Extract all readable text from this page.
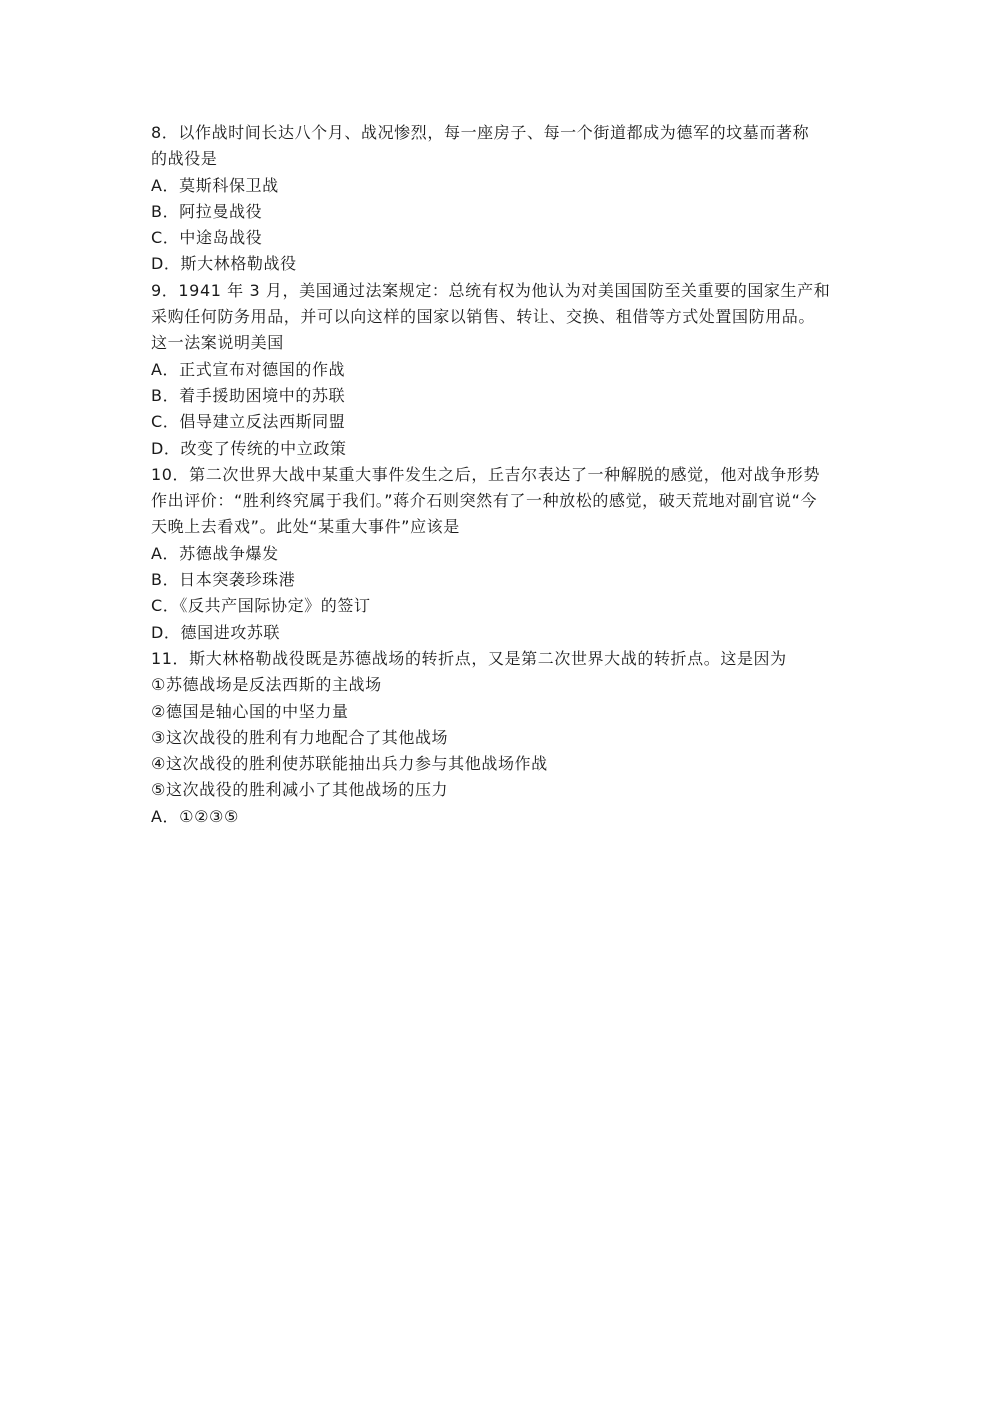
8．以作战时间长达八个月、战况惨烈，每一座房子、每一个街道都成为德军的坟墓而著称
的战役是
A．莫斯科保卫战
B．阿拉曼战役
C．中途岛战役
D．斯大林格勒战役
9．1941 年 3 月，美国通过法案规定：总统有权为他认为对美国国防至关重要的国家生产和
采购任何防务用品，并可以向这样的国家以销售、转让、交换、租借等方式处置国防用品。
这一法案说明美国
A．正式宣布对德国的作战
B．着手援助困境中的苏联
C．倡导建立反法西斯同盟
D．改变了传统的中立政策
10．第二次世界大战中某重大事件发生之后，丘吉尔表达了一种解脱的感觉，他对战争形势
作出评价：“胜利终究属于我们。”蒋介石则突然有了一种放松的感觉，破天荒地对副官说“今
天晚上去看戏”。此处“某重大事件”应该是
A．苏德战争爆发
B．日本突袭珍珠港
C．《反共产国际协定》的签订
D．德国进攻苏联
11．斯大林格勒战役既是苏德战场的转折点，又是第二次世界大战的转折点。这是因为
①苏德战场是反法西斯的主战场
②德国是轴心国的中坚力量
③这次战役的胜利有力地配合了其他战场
④这次战役的胜利使苏联能抽出兵力参与其他战场作战
⑤这次战役的胜利减小了其他战场的压力
A．①②③⑤
